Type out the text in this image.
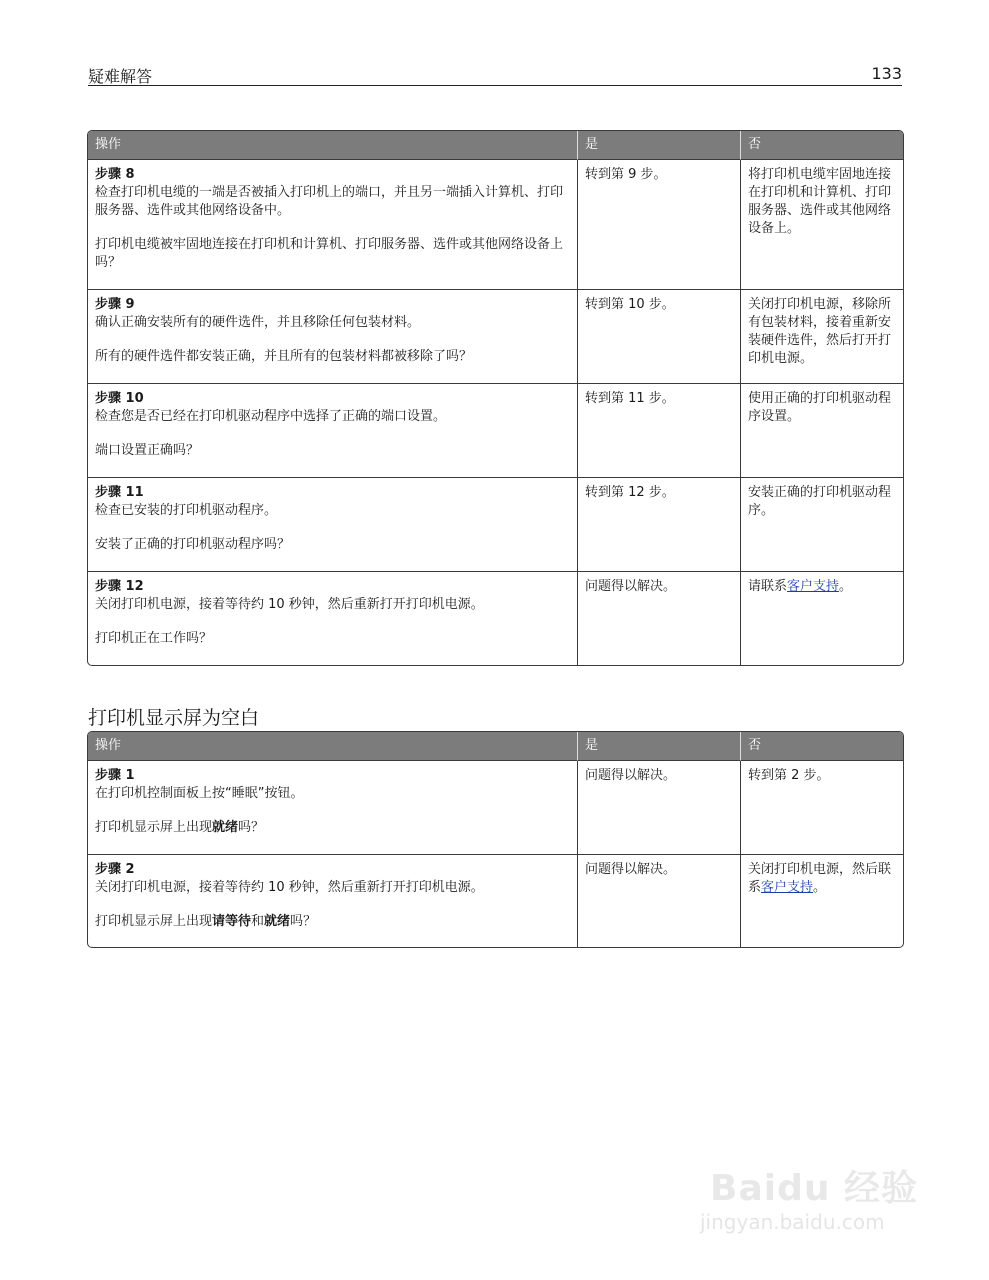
疑难解答	133
操作	是	否

步骤 8
检查打印机电缆的一端是否被插入打印机上的端口，并且另一端插入计算机、打印服务器、选件或其他网络设备中。
打印机电缆被牢固地连接在打印机和计算机、打印服务器、选件或其他网络设备上吗？	转到第 9 步。	将打印机电缆牢固地连接在打印机和计算机、打印服务器、选件或其他网络设备上。

步骤 9
确认正确安装所有的硬件选件，并且移除任何包装材料。
所有的硬件选件都安装正确，并且所有的包装材料都被移除了吗？	转到第 10 步。	关闭打印机电源，移除所有包装材料，接着重新安装硬件选件，然后打开打印机电源。

步骤 10
检查您是否已经在打印机驱动程序中选择了正确的端口设置。
端口设置正确吗？	转到第 11 步。	使用正确的打印机驱动程序设置。

步骤 11
检查已安装的打印机驱动程序。
安装了正确的打印机驱动程序吗？	转到第 12 步。	安装正确的打印机驱动程序。

步骤 12
关闭打印机电源，接着等待约 10 秒钟，然后重新打开打印机电源。
打印机正在工作吗？	问题得以解决。	请联系客户支持。
打印机显示屏为空白
操作	是	否

步骤 1
在打印机控制面板上按“睡眠”按钮。
打印机显示屏上出现就绪吗？	问题得以解决。	转到第 2 步。

步骤 2
关闭打印机电源，接着等待约 10 秒钟，然后重新打开打印机电源。
打印机显示屏上出现请等待和就绪吗？	问题得以解决。	关闭打印机电源，然后联系客户支持。
Baidu 经验
jingyan.baidu.com
